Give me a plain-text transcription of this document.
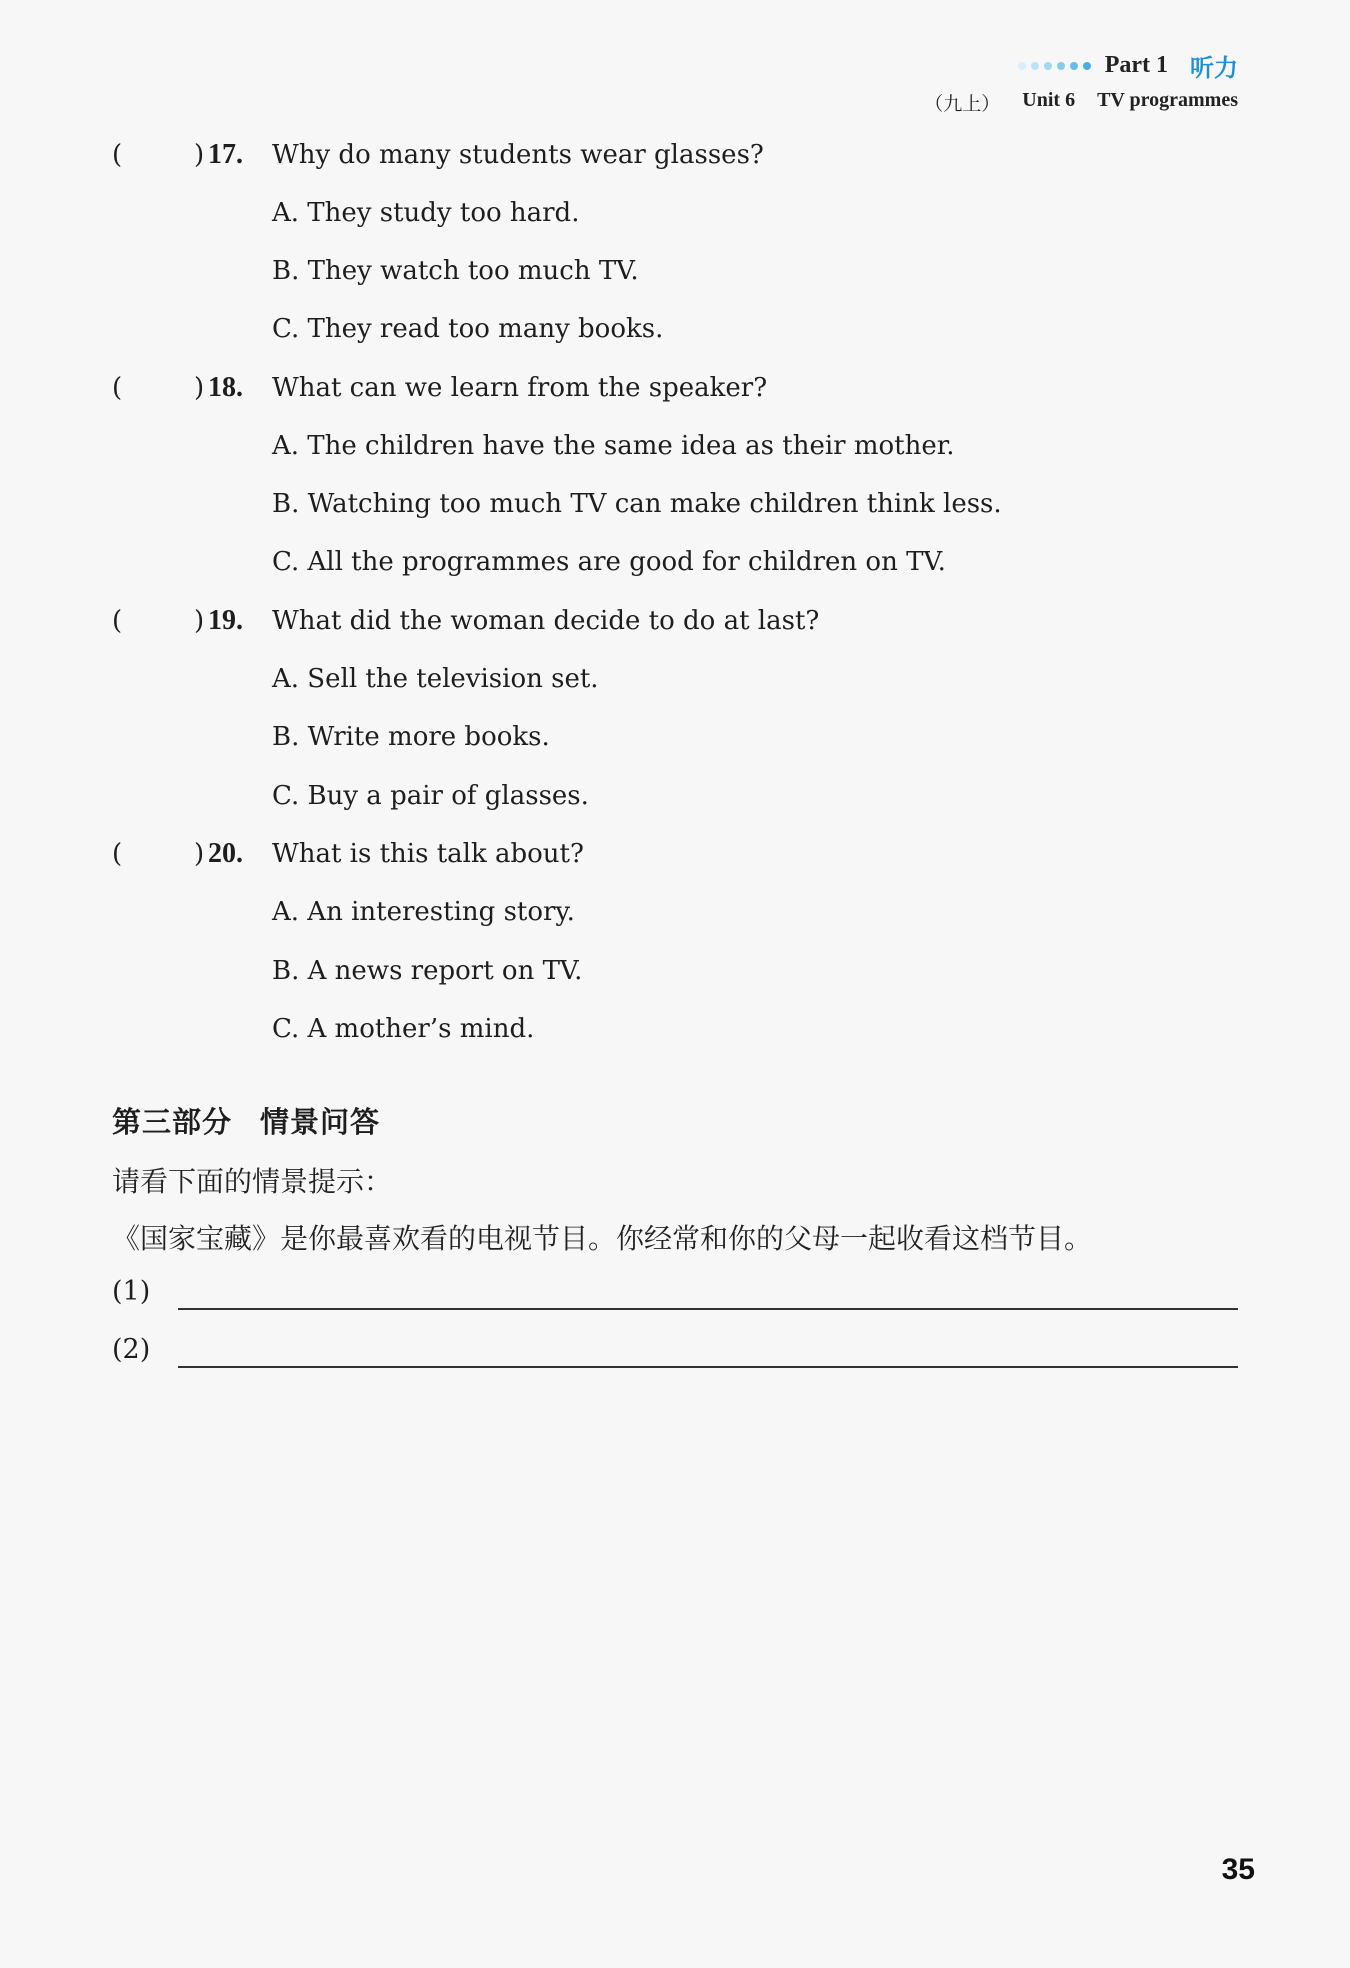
Part 1 听力
（九上） Unit 6 TV programmes
(	) 17. Why do many students wear glasses?
A. They study too hard.
B. They watch too much TV.
C. They read too many books.
(	) 18. What can we learn from the speaker?
A. The children have the same idea as their mother.
B. Watching too much TV can make children think less.
C. All the programmes are good for children on TV.
(	) 19. What did the woman decide to do at last?
A. Sell the television set.
B. Write more books.
C. Buy a pair of glasses.
(	) 20. What is this talk about?
A. An interesting story.
B. A news report on TV.
C. A mother’s mind.
第三部分 情景问答
请看下面的情景提示：
《国家宝藏》是你最喜欢看的电视节目。你经常和你的父母一起收看这档节目。
(1)
(2)
35
